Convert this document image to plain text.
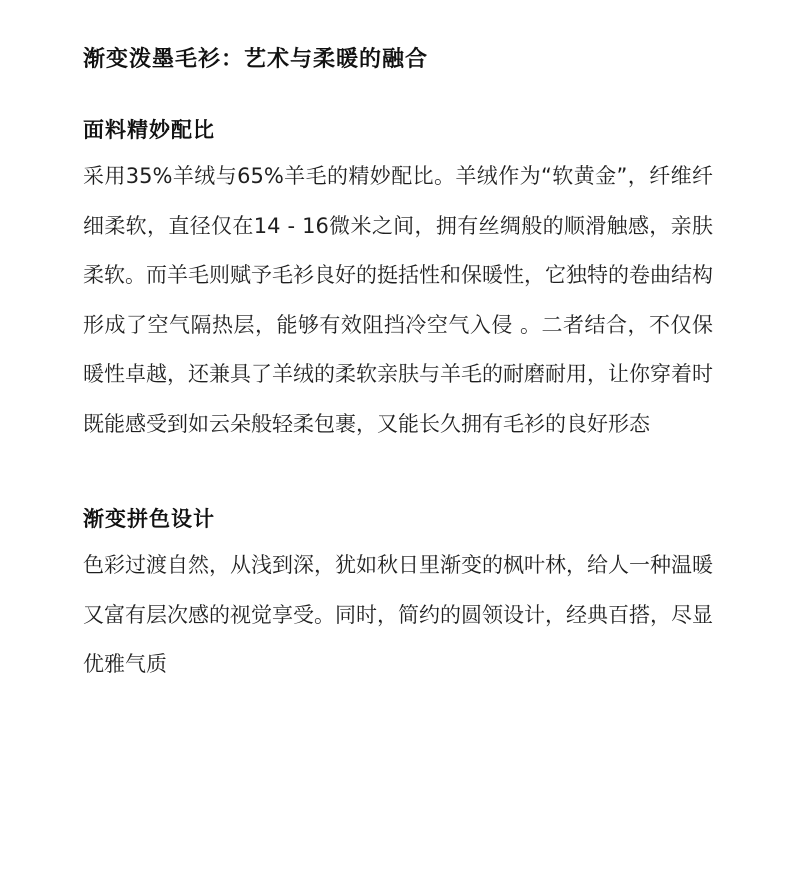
渐变泼墨毛衫：艺术与柔暖的融合
面料精妙配比

采用35%羊绒与65%羊毛的精妙配比。羊绒作为“软黄金”，纤维纤细柔软，直径仅在14 - 16微米之间，拥有丝绸般的顺滑触感，亲肤柔软。而羊毛则赋予毛衫良好的挺括性和保暖性，它独特的卷曲结构形成了空气隔热层，能够有效阻挡冷空气入侵 。二者结合，不仅保暖性卓越，还兼具了羊绒的柔软亲肤与羊毛的耐磨耐用，让你穿着时既能感受到如云朵般轻柔包裹，又能长久拥有毛衫的良好形态

渐变拼色设计

色彩过渡自然，从浅到深，犹如秋日里渐变的枫叶林，给人一种温暖又富有层次感的视觉享受。同时，简约的圆领设计，经典百搭，尽显优雅气质
